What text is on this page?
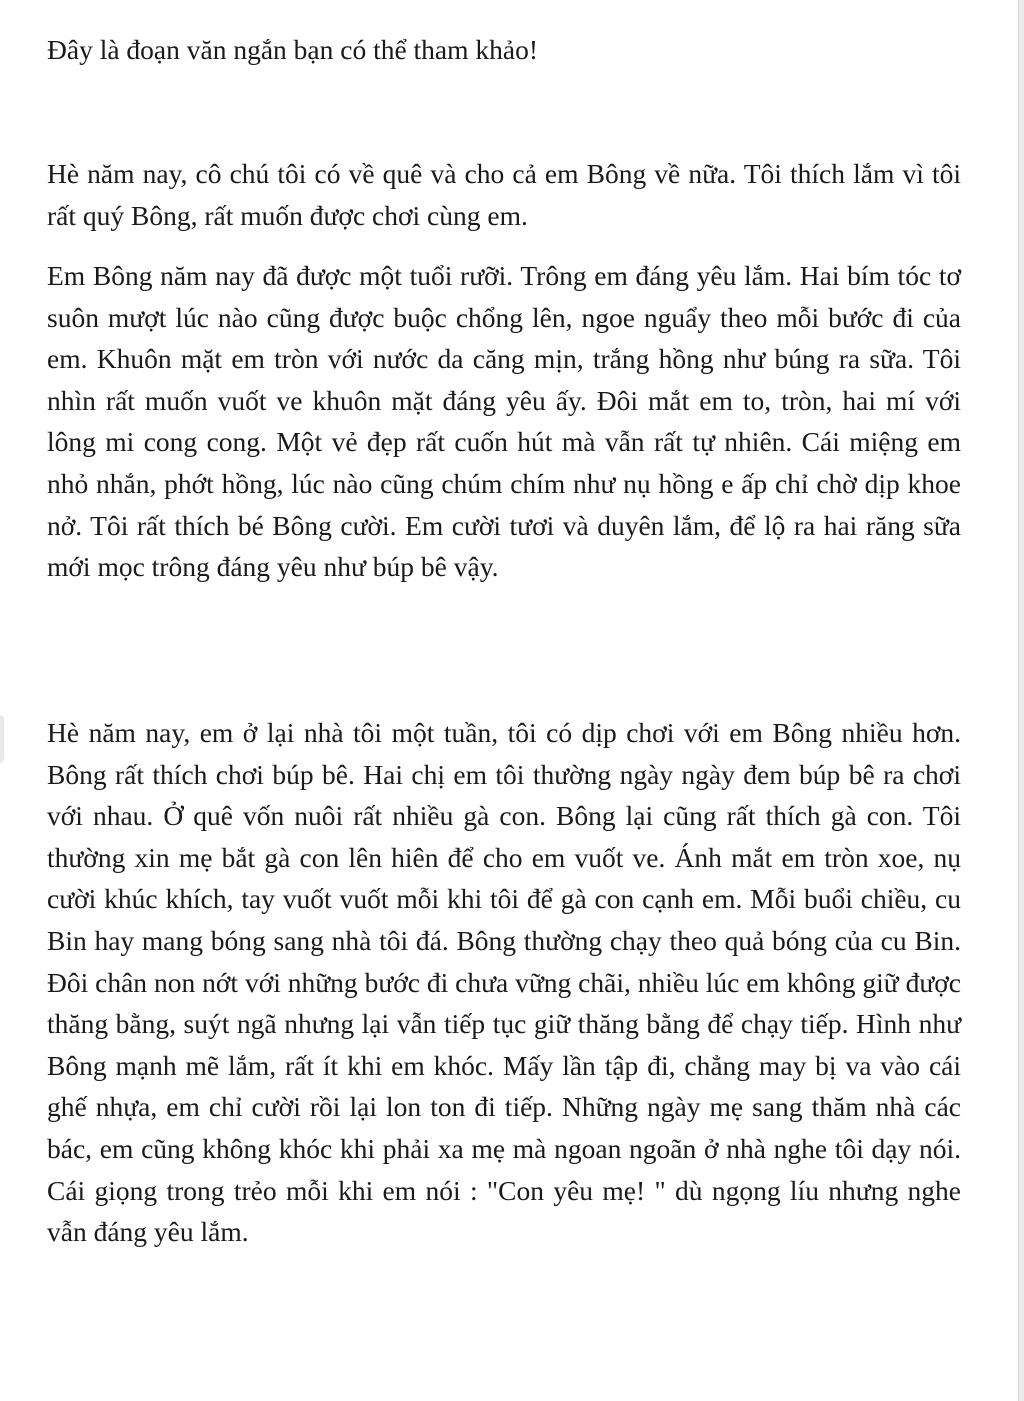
Đây là đoạn văn ngắn bạn có thể tham khảo!

Hè năm nay, cô chú tôi có về quê và cho cả em Bông về nữa. Tôi thích lắm vì tôi rất quý Bông, rất muốn được chơi cùng em.

Em Bông năm nay đã được một tuổi rưỡi. Trông em đáng yêu lắm. Hai bím tóc tơ suôn mượt lúc nào cũng được buộc chổng lên, ngoe nguẩy theo mỗi bước đi của em. Khuôn mặt em tròn với nước da căng mịn, trắng hồng như búng ra sữa. Tôi nhìn rất muốn vuốt ve khuôn mặt đáng yêu ấy. Đôi mắt em to, tròn, hai mí với lông mi cong cong. Một vẻ đẹp rất cuốn hút mà vẫn rất tự nhiên. Cái miệng em nhỏ nhắn, phớt hồng, lúc nào cũng chúm chím như nụ hồng e ấp chỉ chờ dịp khoe nở. Tôi rất thích bé Bông cười. Em cười tươi và duyên lắm, để lộ ra hai răng sữa mới mọc trông đáng yêu như búp bê vậy.

Hè năm nay, em ở lại nhà tôi một tuần, tôi có dịp chơi với em Bông nhiều hơn. Bông rất thích chơi búp bê. Hai chị em tôi thường ngày ngày đem búp bê ra chơi với nhau. Ở quê vốn nuôi rất nhiều gà con. Bông lại cũng rất thích gà con. Tôi thường xin mẹ bắt gà con lên hiên để cho em vuốt ve. Ánh mắt em tròn xoe, nụ cười khúc khích, tay vuốt vuốt mỗi khi tôi để gà con cạnh em. Mỗi buổi chiều, cu Bin hay mang bóng sang nhà tôi đá. Bông thường chạy theo quả bóng của cu Bin. Đôi chân non nớt với những bước đi chưa vững chãi, nhiều lúc em không giữ được thăng bằng, suýt ngã nhưng lại vẫn tiếp tục giữ thăng bằng để chạy tiếp. Hình như Bông mạnh mẽ lắm, rất ít khi em khóc. Mấy lần tập đi, chẳng may bị va vào cái ghế nhựa, em chỉ cười rồi lại lon ton đi tiếp. Những ngày mẹ sang thăm nhà các bác, em cũng không khóc khi phải xa mẹ mà ngoan ngoãn ở nhà nghe tôi dạy nói. Cái giọng trong trẻo mỗi khi em nói : "Con yêu mẹ! " dù ngọng líu nhưng nghe vẫn đáng yêu lắm.
